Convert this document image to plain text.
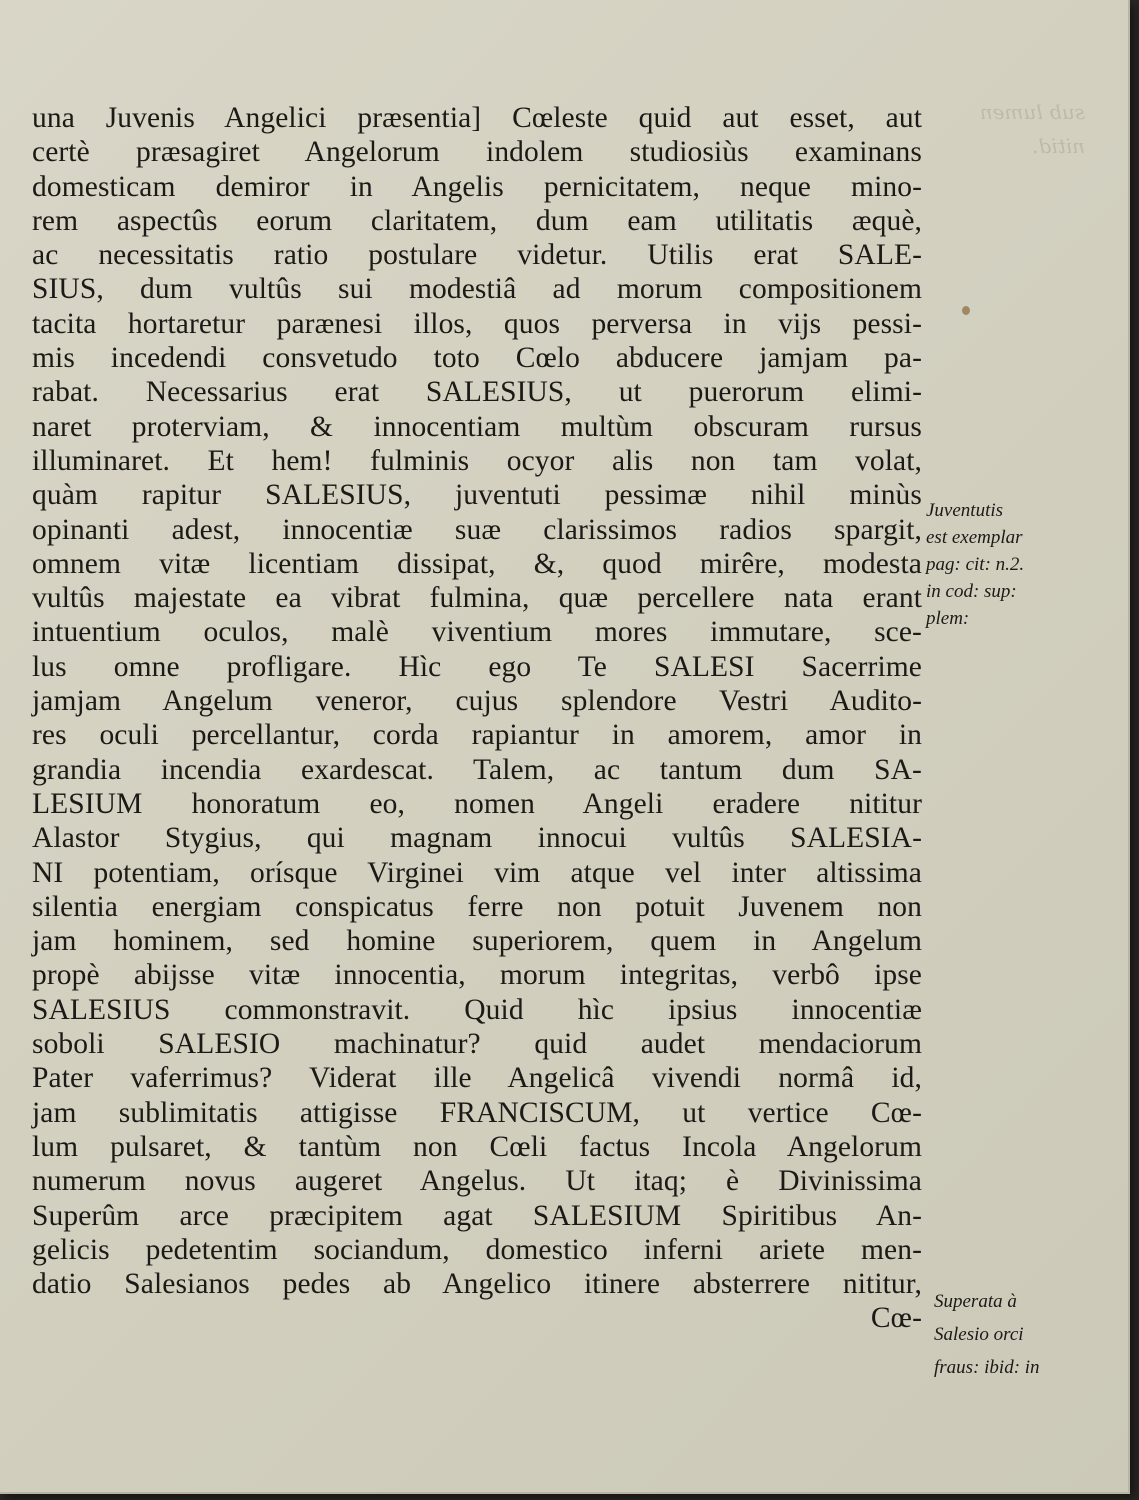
sub lumen
nitid.
una Juvenis Angelici præsentia] Cœleste quid aut esset, aut
certè præsagiret Angelorum indolem studiosiùs examinans
domesticam demiror in Angelis pernicitatem, neque mino-
rem aspectûs eorum claritatem, dum eam utilitatis æquè,
ac necessitatis ratio postulare videtur. Utilis erat SALE-
SIUS, dum vultûs sui modestiâ ad morum compositionem
tacita hortaretur parænesi illos, quos perversa in vijs pessi-
mis incedendi consvetudo toto Cœlo abducere jamjam pa-
rabat. Necessarius erat SALESIUS, ut puerorum elimi-
naret proterviam, & innocentiam multùm obscuram rursus
illuminaret. Et hem! fulminis ocyor alis non tam volat,
quàm rapitur SALESIUS, juventuti pessimæ nihil minùs
opinanti adest, innocentiæ suæ clarissimos radios spargit,
omnem vitæ licentiam dissipat, &, quod mirêre, modesta
vultûs majestate ea vibrat fulmina, quæ percellere nata erant
intuentium oculos, malè viventium mores immutare, sce-
lus omne profligare. Hìc ego Te SALESI Sacerrime
jamjam Angelum veneror, cujus splendore Vestri Audito-
res oculi percellantur, corda rapiantur in amorem, amor in
grandia incendia exardescat. Talem, ac tantum dum SA-
LESIUM honoratum eo, nomen Angeli eradere nititur
Alastor Stygius, qui magnam innocui vultûs SALESIA-
NI potentiam, orísque Virginei vim atque vel inter altissima
silentia energiam conspicatus ferre non potuit Juvenem non
jam hominem, sed homine superiorem, quem in Angelum
propè abijsse vitæ innocentia, morum integritas, verbô ipse
SALESIUS commonstravit. Quid hìc ipsius innocentiæ
soboli SALESIO machinatur? quid audet mendaciorum
Pater vaferrimus? Viderat ille Angelicâ vivendi normâ id,
jam sublimitatis attigisse FRANCISCUM, ut vertice Cœ-
lum pulsaret, & tantùm non Cœli factus Incola Angelorum
numerum novus augeret Angelus. Ut itaq; è Divinissima
Superûm arce præcipitem agat SALESIUM Spiritibus An-
gelicis pedetentim sociandum, domestico inferni ariete men-
datio Salesianos pedes ab Angelico itinere absterrere nititur,
Cœ-
Juventutis
est exemplar
pag: cit: n.2.
in cod: sup:
plem:
Superata à
Salesio orci
fraus: ibid: in
